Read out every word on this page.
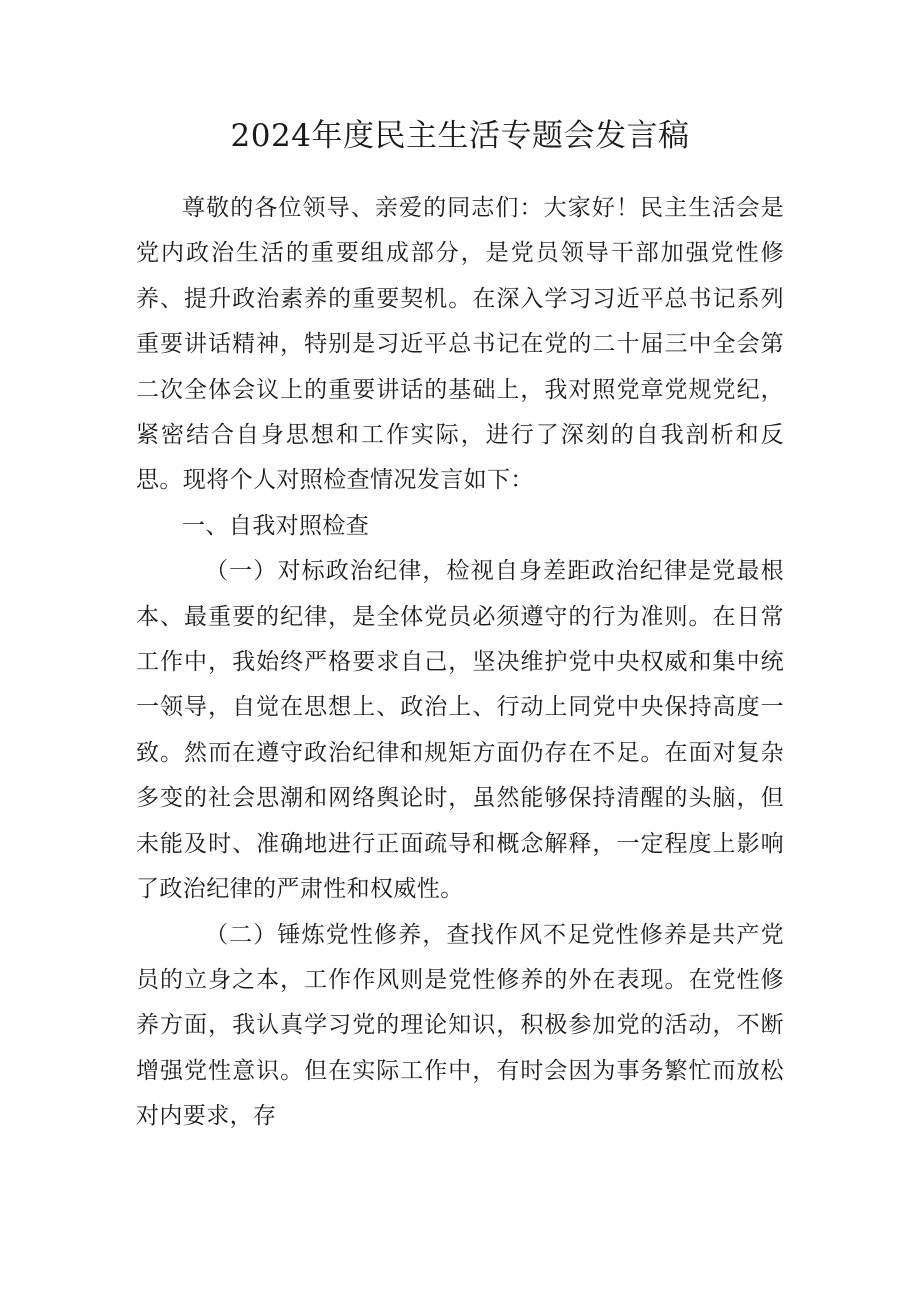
2024年度民主生活专题会发言稿

尊敬的各位领导、亲爱的同志们：大家好！民主生活会是党内政治生活的重要组成部分，是党员领导干部加强党性修养、提升政治素养的重要契机。在深入学习习近平总书记系列重要讲话精神，特别是习近平总书记在党的二十届三中全会第二次全体会议上的重要讲话的基础上，我对照党章党规党纪，紧密结合自身思想和工作实际，进行了深刻的自我剖析和反思。现将个人对照检查情况发言如下：

一、自我对照检查

（一）对标政治纪律，检视自身差距政治纪律是党最根本、最重要的纪律，是全体党员必须遵守的行为准则。在日常工作中，我始终严格要求自己，坚决维护党中央权威和集中统一领导，自觉在思想上、政治上、行动上同党中央保持高度一致。然而在遵守政治纪律和规矩方面仍存在不足。在面对复杂多变的社会思潮和网络舆论时，虽然能够保持清醒的头脑，但未能及时、准确地进行正面疏导和概念解释，一定程度上影响了政治纪律的严肃性和权威性。

（二）锤炼党性修养，查找作风不足党性修养是共产党员的立身之本，工作作风则是党性修养的外在表现。在党性修养方面，我认真学习党的理论知识，积极参加党的活动，不断增强党性意识。但在实际工作中，有时会因为事务繁忙而放松对内要求，存
